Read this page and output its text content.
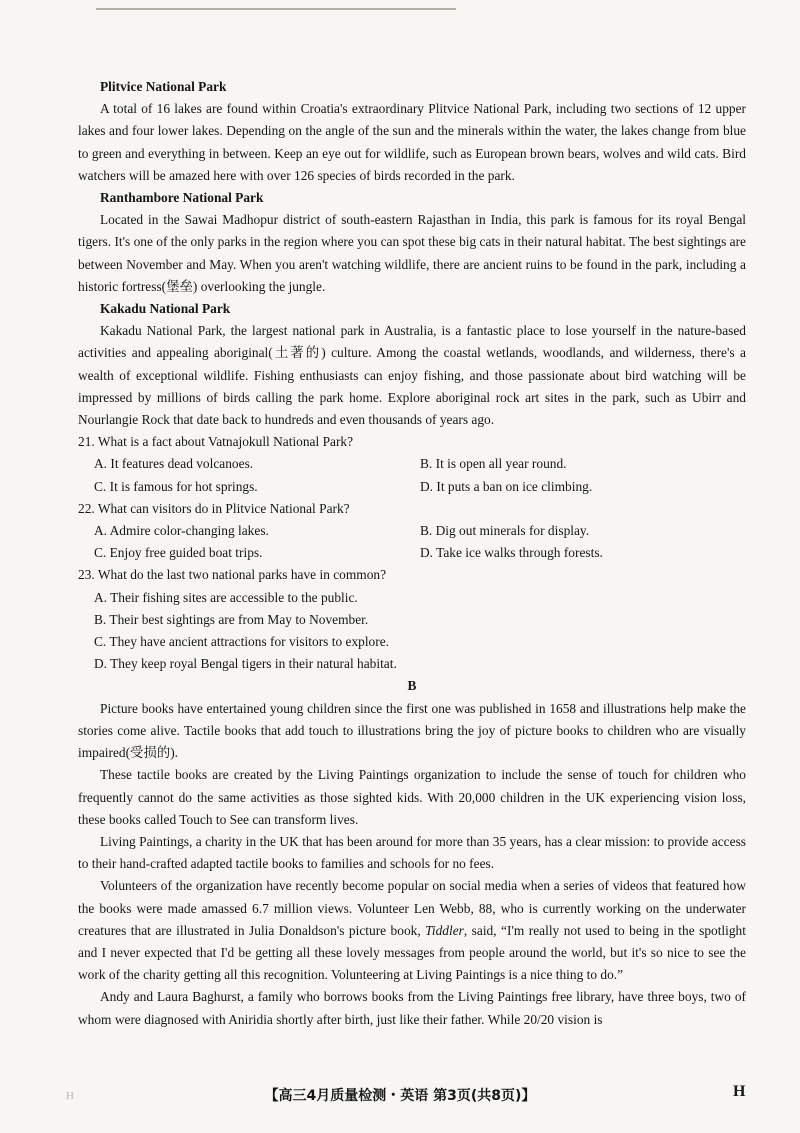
Plitvice National Park

A total of 16 lakes are found within Croatia's extraordinary Plitvice National Park, including two sections of 12 upper lakes and four lower lakes. Depending on the angle of the sun and the minerals within the water, the lakes change from blue to green and everything in between. Keep an eye out for wildlife, such as European brown bears, wolves and wild cats. Bird watchers will be amazed here with over 126 species of birds recorded in the park.

Ranthambore National Park

Located in the Sawai Madhopur district of south-eastern Rajasthan in India, this park is famous for its royal Bengal tigers. It's one of the only parks in the region where you can spot these big cats in their natural habitat. The best sightings are between November and May. When you aren't watching wildlife, there are ancient ruins to be found in the park, including a historic fortress(堡垒) overlooking the jungle.

Kakadu National Park

Kakadu National Park, the largest national park in Australia, is a fantastic place to lose yourself in the nature-based activities and appealing aboriginal(土著的) culture. Among the coastal wetlands, woodlands, and wilderness, there's a wealth of exceptional wildlife. Fishing enthusiasts can enjoy fishing, and those passionate about bird watching will be impressed by millions of birds calling the park home. Explore aboriginal rock art sites in the park, such as Ubirr and Nourlangie Rock that date back to hundreds and even thousands of years ago.

21. What is a fact about Vatnajokull National Park?

A. It features dead volcanoes.	B. It is open all year round.
C. It is famous for hot springs.	D. It puts a ban on ice climbing.

22. What can visitors do in Plitvice National Park?

A. Admire color-changing lakes.	B. Dig out minerals for display.
C. Enjoy free guided boat trips.	D. Take ice walks through forests.

23. What do the last two national parks have in common?

A. Their fishing sites are accessible to the public.
B. Their best sightings are from May to November.
C. They have ancient attractions for visitors to explore.
D. They keep royal Bengal tigers in their natural habitat.

B

Picture books have entertained young children since the first one was published in 1658 and illustrations help make the stories come alive. Tactile books that add touch to illustrations bring the joy of picture books to children who are visually impaired(受损的).

These tactile books are created by the Living Paintings organization to include the sense of touch for children who frequently cannot do the same activities as those sighted kids. With 20,000 children in the UK experiencing vision loss, these books called Touch to See can transform lives.

Living Paintings, a charity in the UK that has been around for more than 35 years, has a clear mission: to provide access to their hand-crafted adapted tactile books to families and schools for no fees.

Volunteers of the organization have recently become popular on social media when a series of videos that featured how the books were made amassed 6.7 million views. Volunteer Len Webb, 88, who is currently working on the underwater creatures that are illustrated in Julia Donaldson's picture book, Tiddler, said, “I'm really not used to being in the spotlight and I never expected that I'd be getting all these lovely messages from people around the world, but it's so nice to see the work of the charity getting all this recognition. Volunteering at Living Paintings is a nice thing to do.”

Andy and Laura Baghurst, a family who borrows books from the Living Paintings free library, have three boys, two of whom were diagnosed with Aniridia shortly after birth, just like their father. While 20/20 vision is

H	【高三4月质量检测・英语 第3页(共8页)】	H
